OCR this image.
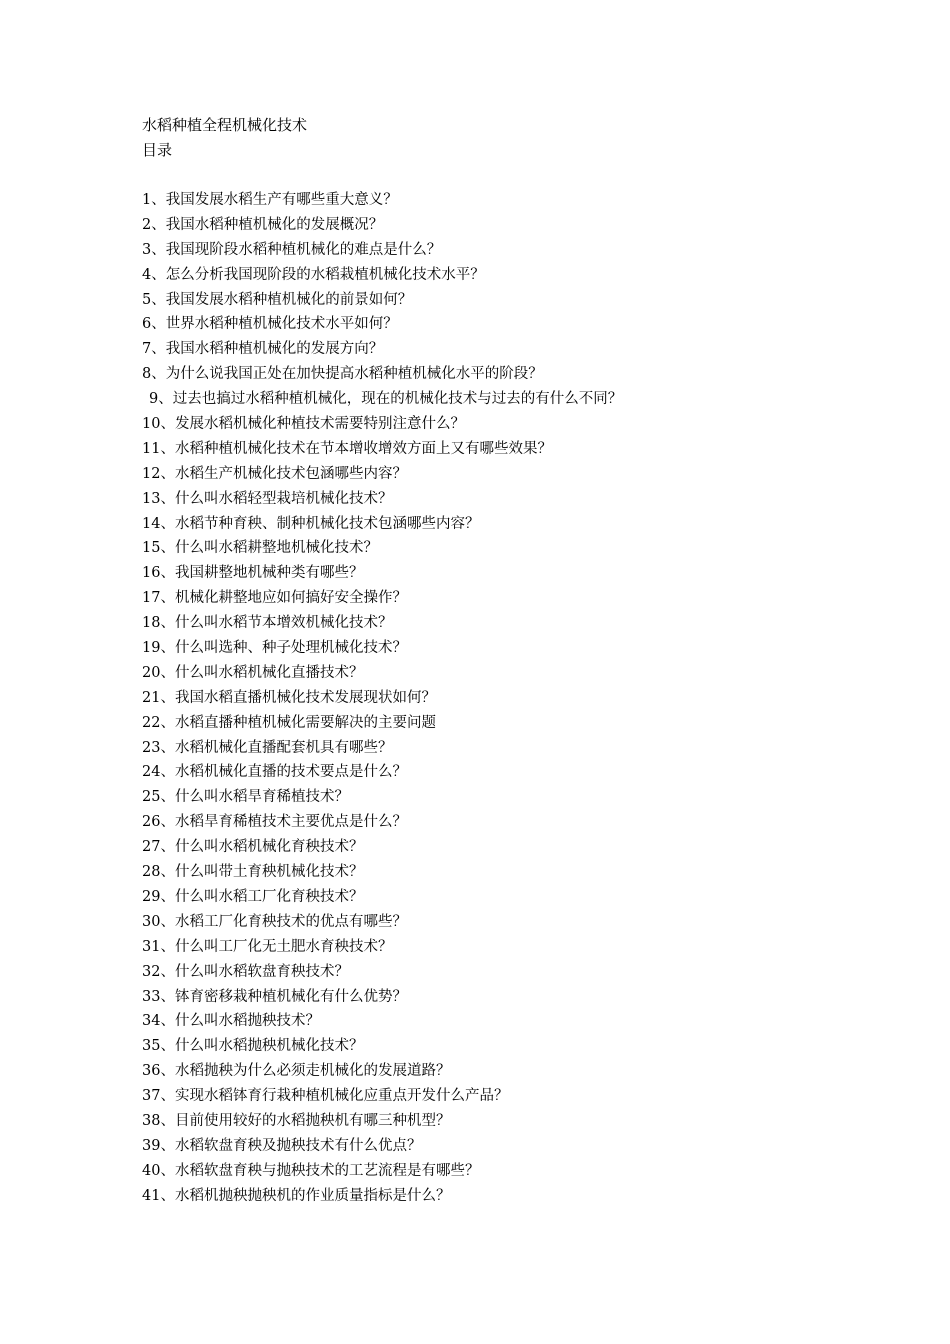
水稻种植全程机械化技术
目录
1、我国发展水稻生产有哪些重大意义？
2、我国水稻种植机械化的发展概况？
3、我国现阶段水稻种植机械化的难点是什么？
4、怎么分析我国现阶段的水稻栽植机械化技术水平？
5、我国发展水稻种植机械化的前景如何？
6、世界水稻种植机械化技术水平如何？
7、我国水稻种植机械化的发展方向？
8、为什么说我国正处在加快提高水稻种植机械化水平的阶段？
9、过去也搞过水稻种植机械化，现在的机械化技术与过去的有什么不同？
10、发展水稻机械化种植技术需要特别注意什么？
11、水稻种植机械化技术在节本增收增效方面上又有哪些效果？
12、水稻生产机械化技术包涵哪些内容？
13、什么叫水稻轻型栽培机械化技术？
14、水稻节种育秧、制种机械化技术包涵哪些内容？
15、什么叫水稻耕整地机械化技术？
16、我国耕整地机械种类有哪些？
17、机械化耕整地应如何搞好安全操作？
18、什么叫水稻节本增效机械化技术？
19、什么叫选种、种子处理机械化技术？
20、什么叫水稻机械化直播技术？
21、我国水稻直播机械化技术发展现状如何？
22、水稻直播种植机械化需要解决的主要问题
23、水稻机械化直播配套机具有哪些？
24、水稻机械化直播的技术要点是什么？
25、什么叫水稻旱育稀植技术？
26、水稻旱育稀植技术主要优点是什么？
27、什么叫水稻机械化育秧技术？
28、什么叫带土育秧机械化技术？
29、什么叫水稻工厂化育秧技术？
30、水稻工厂化育秧技术的优点有哪些？
31、什么叫工厂化无土肥水育秧技术？
32、什么叫水稻软盘育秧技术？
33、钵育密移栽种植机械化有什么优势？
34、什么叫水稻抛秧技术？
35、什么叫水稻抛秧机械化技术？
36、水稻抛秧为什么必须走机械化的发展道路？
37、实现水稻钵育行栽种植机械化应重点开发什么产品？
38、目前使用较好的水稻抛秧机有哪三种机型？
39、水稻软盘育秧及抛秧技术有什么优点？
40、水稻软盘育秧与抛秧技术的工艺流程是有哪些？
41、水稻机抛秧抛秧机的作业质量指标是什么？
